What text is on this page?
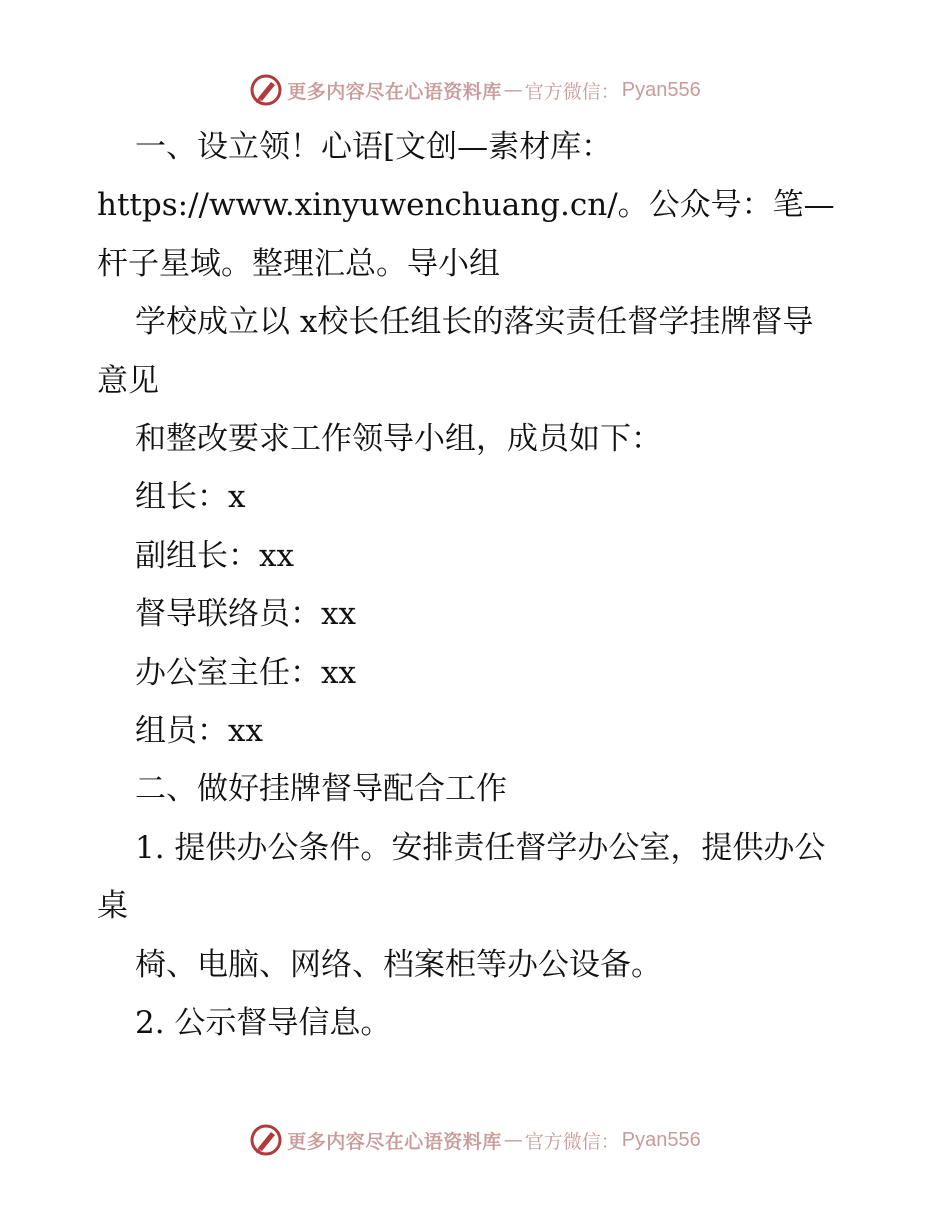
更多内容尽在心语资料库 — 官方微信： Pyan556

一、设立领！心语[文创—素材库：https://www.xinyuwenchuang.cn/。公众号：笔—杆子星域。整理汇总。导小组

学校成立以 x校长任组长的落实责任督学挂牌督导意见

和整改要求工作领导小组，成员如下：

组长：x

副组长：xx

督导联络员：xx

办公室主任：xx

组员：xx

二、做好挂牌督导配合工作

1. 提供办公条件。安排责任督学办公室，提供办公桌

椅、电脑、网络、档案柜等办公设备。

2. 公示督导信息。

更多内容尽在心语资料库 — 官方微信： Pyan556
